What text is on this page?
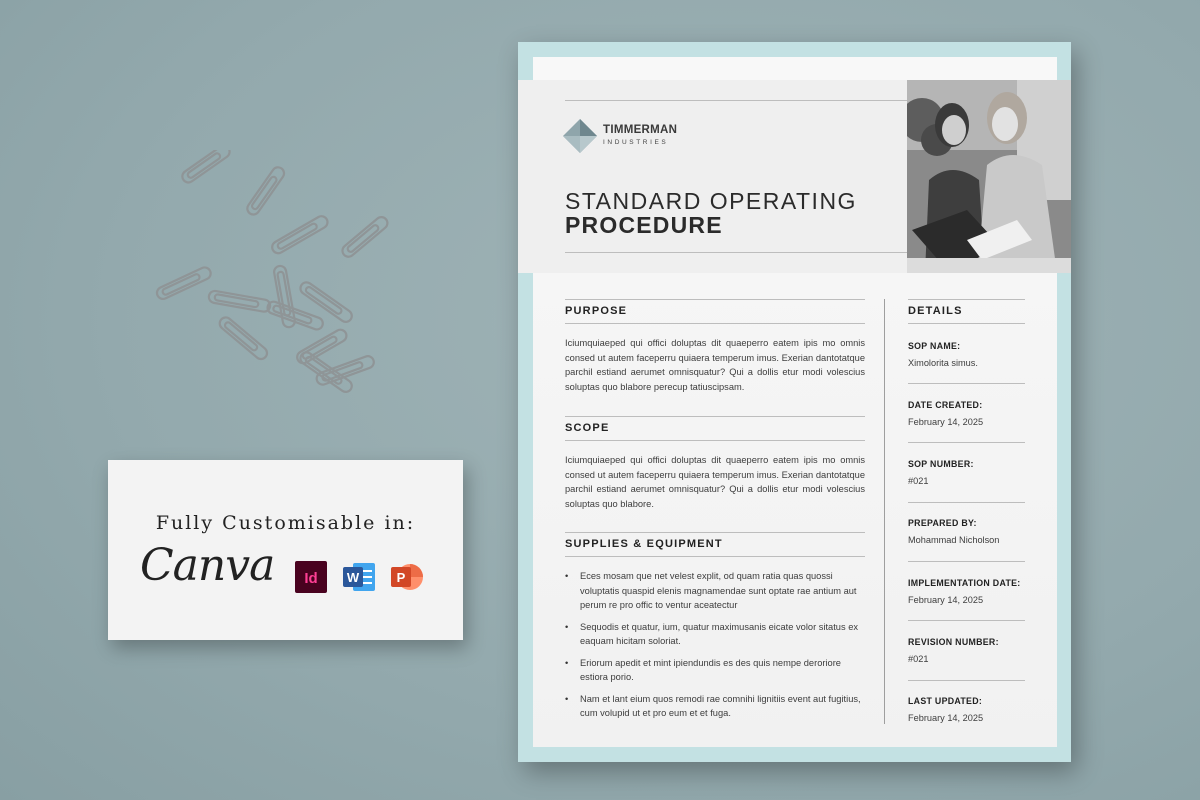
Fully Customisable in:
Canva Id W	P
TIMMERMAN
INDUSTRIES
STANDARD OPERATING
PROCEDURE
PURPOSE

Iciumquiaeped qui offici doluptas dit quaeperro eatem ipis mo omnis consed ut autem faceperru quiaera temperum imus. Exerian dantotatque parchil estiand aerumet omnisquatur? Qui a dollis etur modi volescius soluptas quo blabore perecup tatiuscipsam.

SCOPE

Iciumquiaeped qui offici doluptas dit quaeperro eatem ipis mo omnis consed ut autem faceperru quiaera temperum imus. Exerian dantotatque parchil estiand aerumet omnisquatur? Qui a dollis etur modi volescius soluptas quo blabore.

SUPPLIES & EQUIPMENT
• Eces mosam que net velest explit, od quam ratia quas quossi voluptatis quaspid elenis magnamendae sunt optate rae antium aut perum re pro offic to ventur aceatectur
• Sequodis et quatur, ium, quatur maximusanis eicate volor sitatus ex eaquam hicitam soloriat.
• Eriorum apedit et mint ipiendundis es des quis nempe deroriore estiora porio.
• Nam et lant eium quos remodi rae comnihi lignitiis event aut fugitius, cum volupid ut et pro eum et et fuga.
DETAILS
SOP NAME:
Ximolorita simus.
DATE CREATED:
February 14, 2025
SOP NUMBER:
#021
PREPARED BY:
Mohammad Nicholson
IMPLEMENTATION DATE:
February 14, 2025
REVISION NUMBER:
#021
LAST UPDATED:
February 14, 2025
